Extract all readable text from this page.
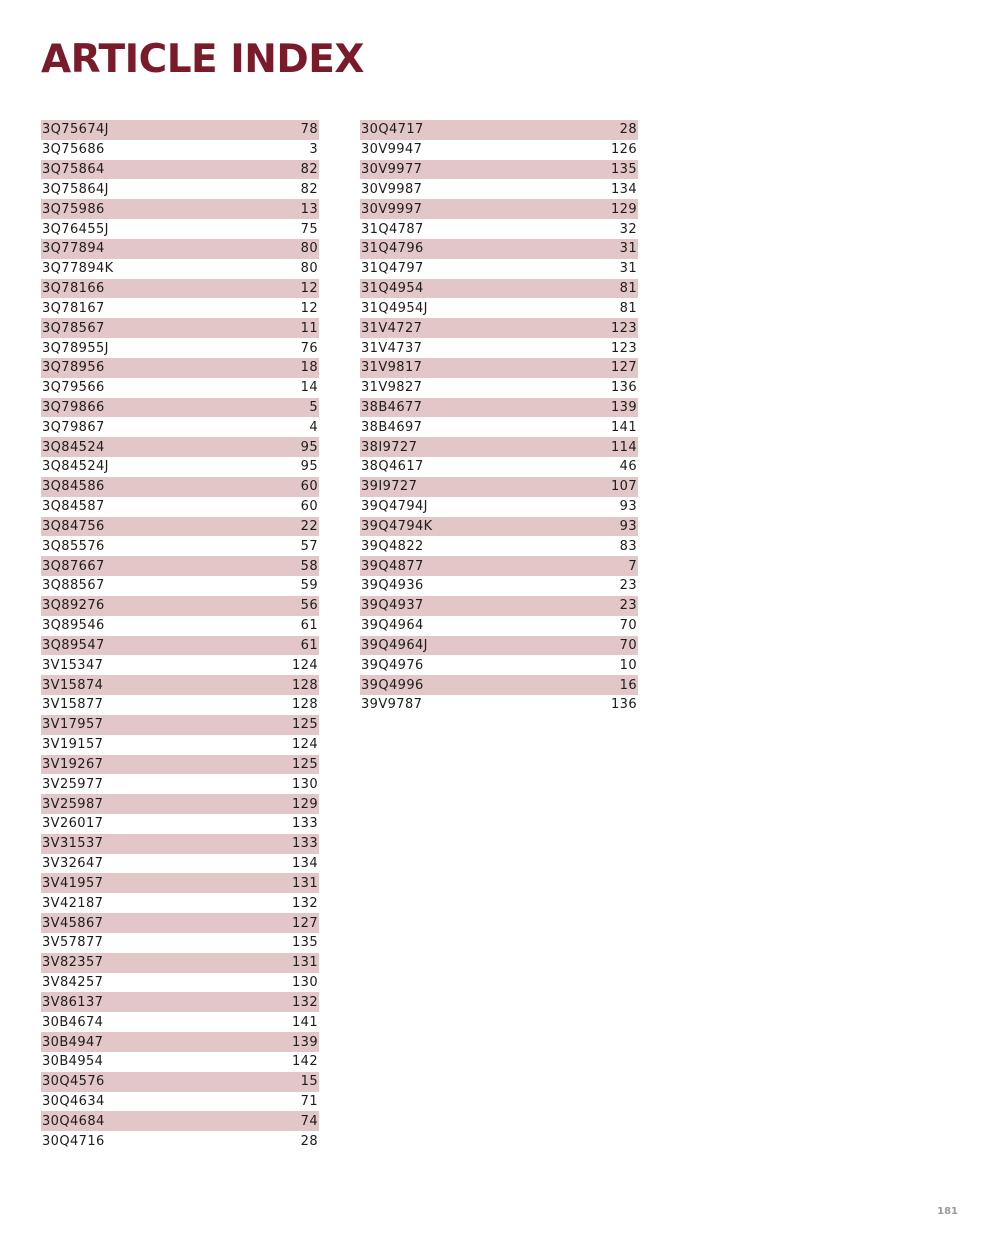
ARTICLE INDEX
3Q75674J	78
3Q75686	3
3Q75864	82
3Q75864J	82
3Q75986	13
3Q76455J	75
3Q77894	80
3Q77894K	80
3Q78166	12
3Q78167	12
3Q78567	11
3Q78955J	76
3Q78956	18
3Q79566	14
3Q79866	5
3Q79867	4
3Q84524	95
3Q84524J	95
3Q84586	60
3Q84587	60
3Q84756	22
3Q85576	57
3Q87667	58
3Q88567	59
3Q89276	56
3Q89546	61
3Q89547	61
3V15347	124
3V15874	128
3V15877	128
3V17957	125
3V19157	124
3V19267	125
3V25977	130
3V25987	129
3V26017	133
3V31537	133
3V32647	134
3V41957	131
3V42187	132
3V45867	127
3V57877	135
3V82357	131
3V84257	130
3V86137	132
30B4674	141
30B4947	139
30B4954	142
30Q4576	15
30Q4634	71
30Q4684	74
30Q4716	28
30Q4717	28
30V9947	126
30V9977	135
30V9987	134
30V9997	129
31Q4787	32
31Q4796	31
31Q4797	31
31Q4954	81
31Q4954J	81
31V4727	123
31V4737	123
31V9817	127
31V9827	136
38B4677	139
38B4697	141
38I9727	114
38Q4617	46
39I9727	107
39Q4794J	93
39Q4794K	93
39Q4822	83
39Q4877	7
39Q4936	23
39Q4937	23
39Q4964	70
39Q4964J	70
39Q4976	10
39Q4996	16
39V9787	136
181
